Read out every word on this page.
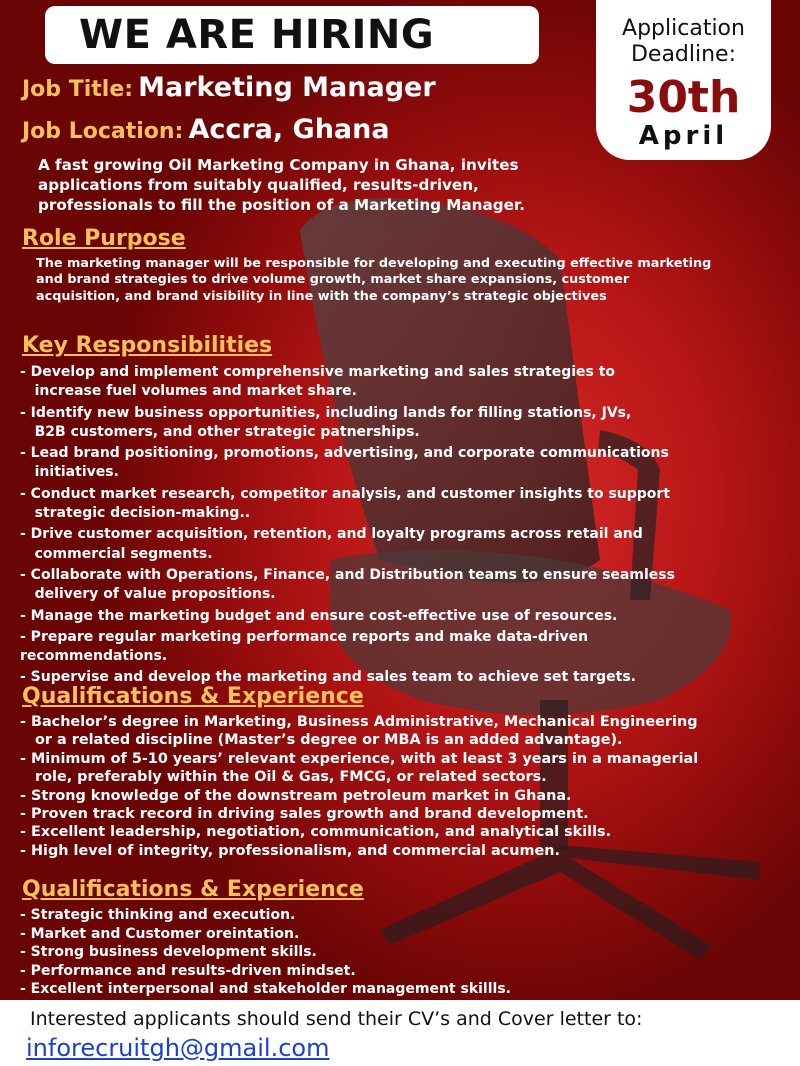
WE ARE HIRING	Application Deadline:
30th
April
Job Title: Marketing Manager
Job Location: Accra, Ghana
A fast growing Oil Marketing Company in Ghana, invites applications from suitably qualified, results-driven, professionals to fill the position of a Marketing Manager.
Role Purpose
The marketing manager will be responsible for developing and executing effective marketing and brand strategies to drive volume growth, market share expansions, customer acquisition, and brand visibility in line with the company’s strategic objectives
Key Responsibilities
- Develop and implement comprehensive marketing and sales strategies to
increase fuel volumes and market share.
- Identify new business opportunities, including lands for filling stations, JVs,
B2B customers, and other strategic patnerships.
- Lead brand positioning, promotions, advertising, and corporate communications
initiatives.
- Conduct market research, competitor analysis, and customer insights to support
strategic decision-making..
- Drive customer acquisition, retention, and loyalty programs across retail and
commercial segments.
- Collaborate with Operations, Finance, and Distribution teams to ensure seamless
delivery of value propositions.
- Manage the marketing budget and ensure cost-effective use of resources.
- Prepare regular marketing performance reports and make data-driven
recommendations.
- Supervise and develop the marketing and sales team to achieve set targets.
Qualifications & Experience
- Bachelor’s degree in Marketing, Business Administrative, Mechanical Engineering
or a related discipline (Master’s degree or MBA is an added advantage).
- Minimum of 5-10 years’ relevant experience, with at least 3 years in a managerial
role, preferably within the Oil & Gas, FMCG, or related sectors.
- Strong knowledge of the downstream petroleum market in Ghana.
- Proven track record in driving sales growth and brand development.
- Excellent leadership, negotiation, communication, and analytical skills.
- High level of integrity, professionalism, and commercial acumen.
Qualifications & Experience
- Strategic thinking and execution.
- Market and Customer oreintation.
- Strong business development skills.
- Performance and results-driven mindset.
- Excellent interpersonal and stakeholder management skillls.
Interested applicants should send their CV’s and Cover letter to:
inforecruitgh@gmail.com
